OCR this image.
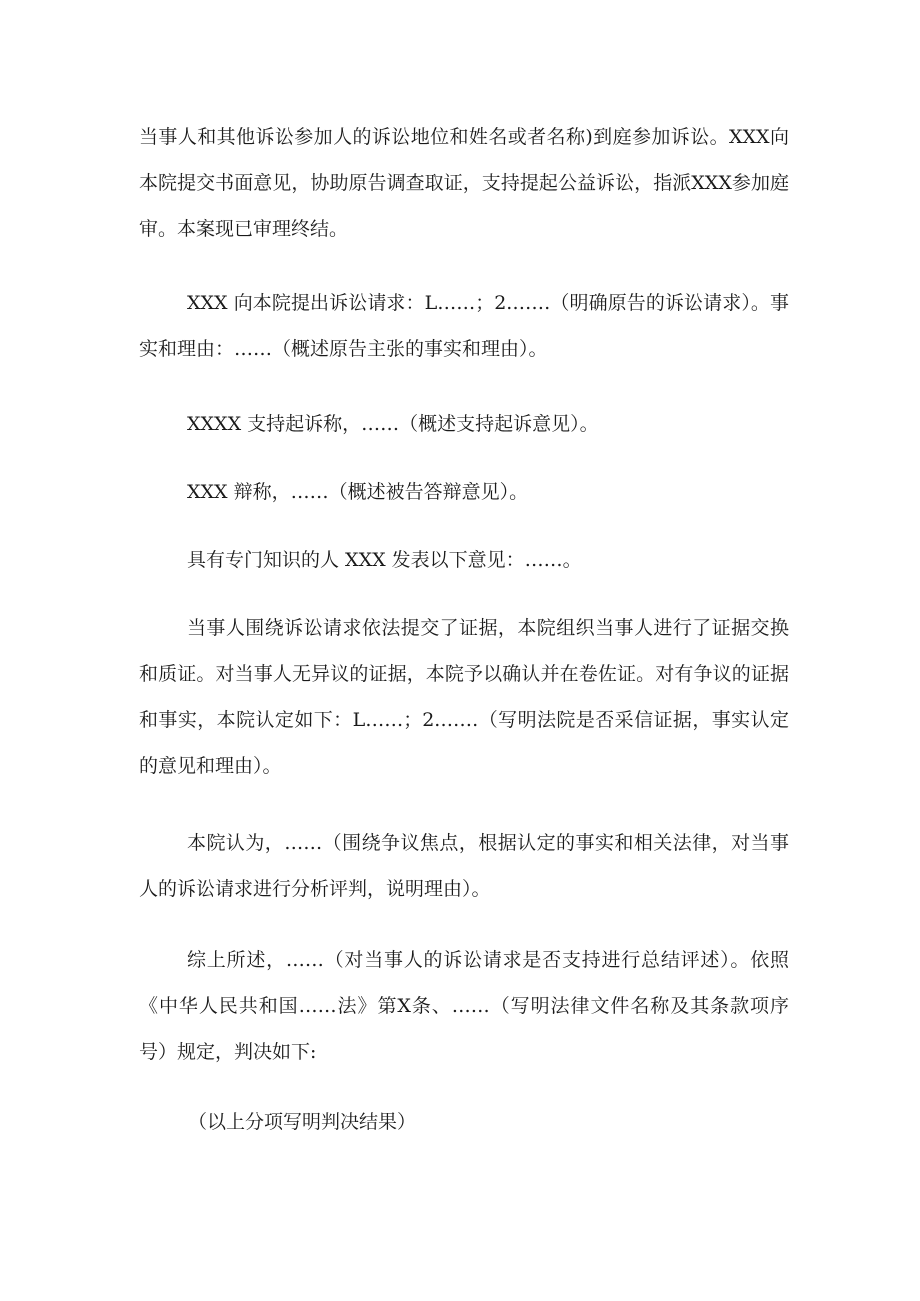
当事人和其他诉讼参加人的诉讼地位和姓名或者名称)到庭参加诉讼。XXX向本院提交书面意见，协助原告调查取证，支持提起公益诉讼，指派XXX参加庭审。本案现已审理终结。

XXX 向本院提出诉讼请求：L……；2.……（明确原告的诉讼请求）。事实和理由：……（概述原告主张的事实和理由）。

XXXX 支持起诉称，……（概述支持起诉意见）。

XXX 辩称，……（概述被告答辩意见）。

具有专门知识的人 XXX 发表以下意见：……。

当事人围绕诉讼请求依法提交了证据，本院组织当事人进行了证据交换和质证。对当事人无异议的证据，本院予以确认并在卷佐证。对有争议的证据和事实，本院认定如下：L……；2.……（写明法院是否采信证据，事实认定的意见和理由）。

本院认为，……（围绕争议焦点，根据认定的事实和相关法律，对当事人的诉讼请求进行分析评判，说明理由）。

综上所述，……（对当事人的诉讼请求是否支持进行总结评述）。依照《中华人民共和国……法》第X条、……（写明法律文件名称及其条款项序号）规定，判决如下:

（以上分项写明判决结果）
